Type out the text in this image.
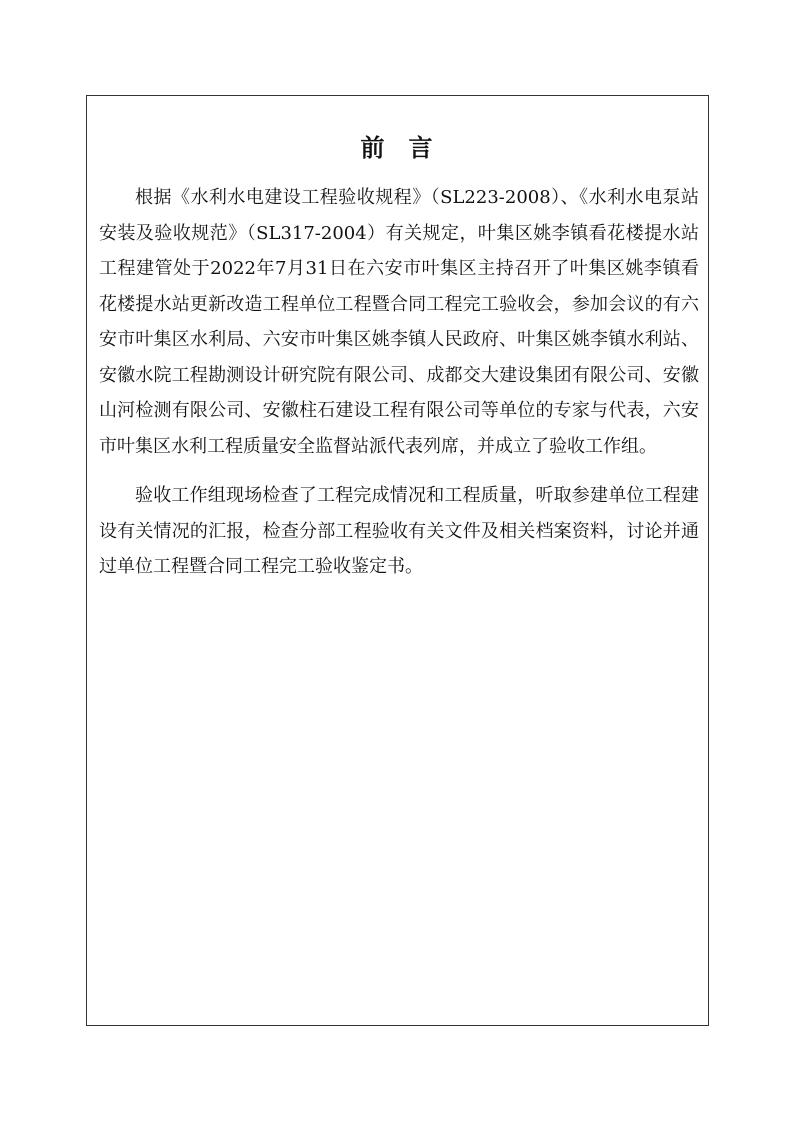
前 言

根据《水利水电建设工程验收规程》（SL223-2008）、《水利水电泵站安装及验收规范》（SL317-2004）有关规定，叶集区姚李镇看花楼提水站工程建管处于2022年7月31日在六安市叶集区主持召开了叶集区姚李镇看花楼提水站更新改造工程单位工程暨合同工程完工验收会，参加会议的有六安市叶集区水利局、六安市叶集区姚李镇人民政府、叶集区姚李镇水利站、安徽水院工程勘测设计研究院有限公司、成都交大建设集团有限公司、安徽山河检测有限公司、安徽柱石建设工程有限公司等单位的专家与代表，六安市叶集区水利工程质量安全监督站派代表列席，并成立了验收工作组。

验收工作组现场检查了工程完成情况和工程质量，听取参建单位工程建设有关情况的汇报，检查分部工程验收有关文件及相关档案资料，讨论并通过单位工程暨合同工程完工验收鉴定书。
